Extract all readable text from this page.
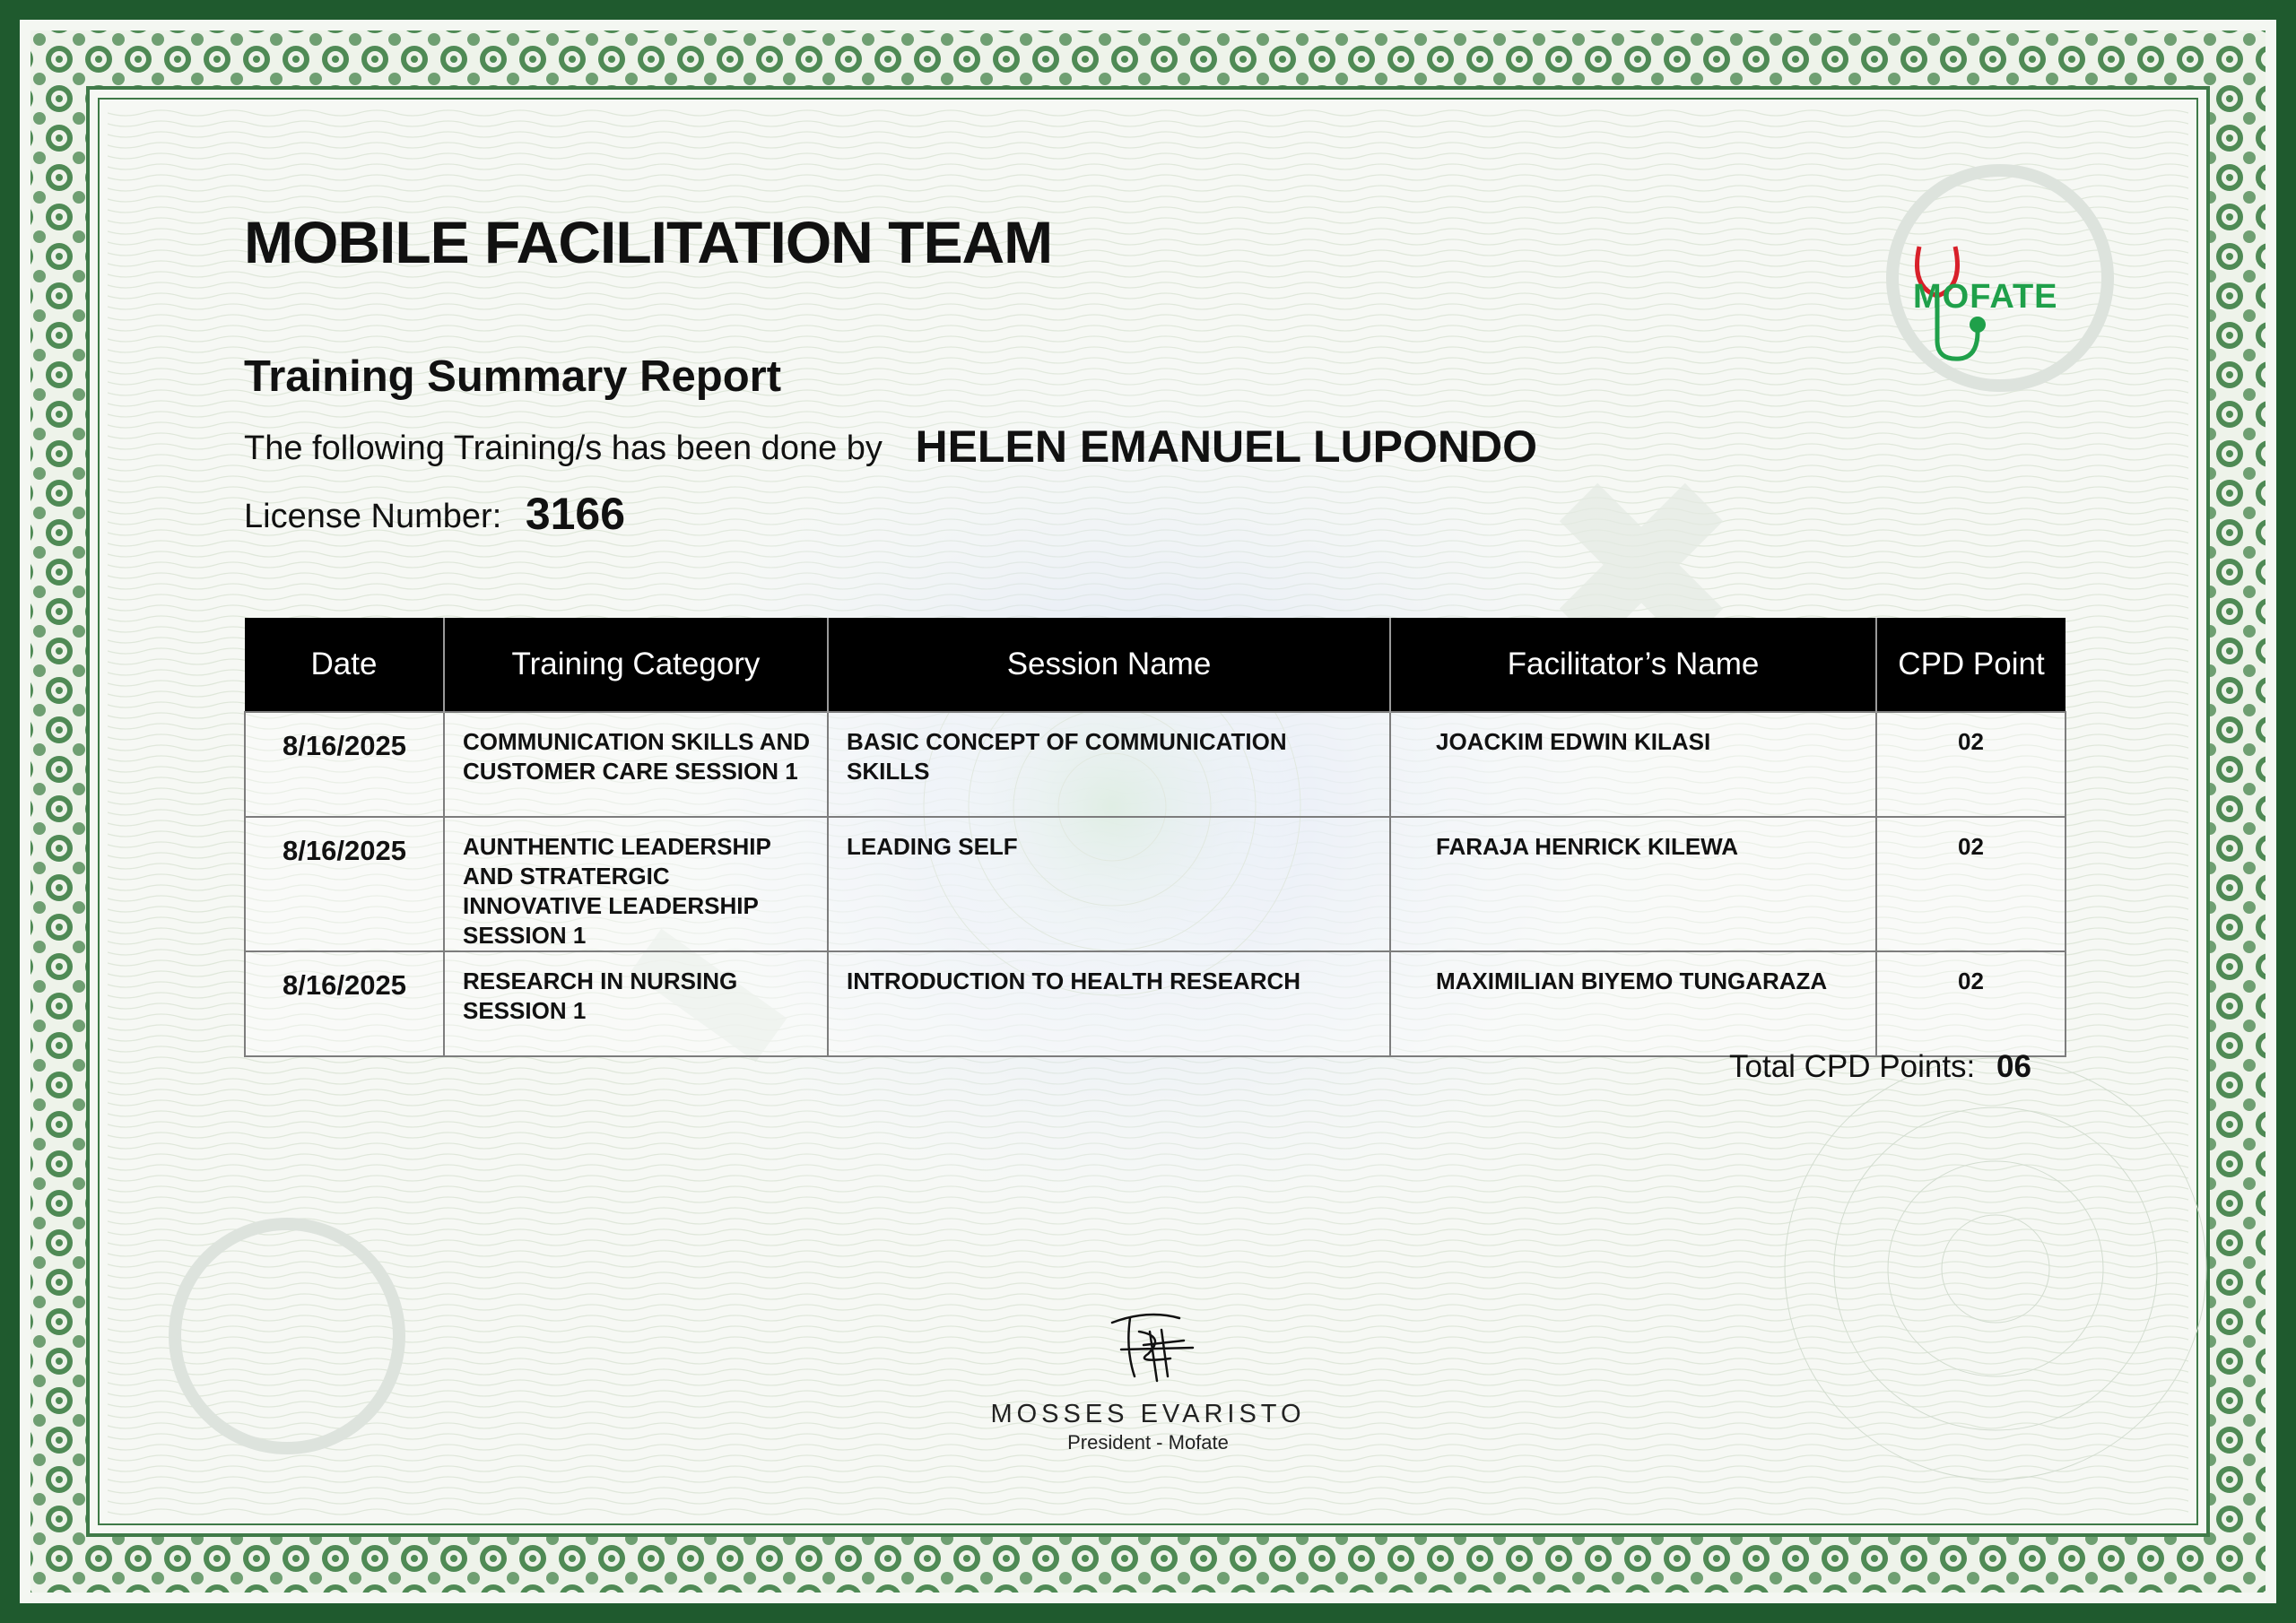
MOBILE FACILITATION TEAM
Training Summary Report
The following Training/s has been done by HELEN EMANUEL LUPONDO
License Number: 3166
MOFATE
Date	Training Category	Session Name	Facilitator’s Name	CPD Point
8/16/2025	COMMUNICATION SKILLS AND CUSTOMER CARE SESSION 1	BASIC CONCEPT OF COMMUNICATION SKILLS	JOACKIM EDWIN KILASI	02
8/16/2025	AUNTHENTIC LEADERSHIP AND STRATERGIC INNOVATIVE LEADERSHIP SESSION 1	LEADING SELF	FARAJA HENRICK KILEWA	02
8/16/2025	RESEARCH IN NURSING SESSION 1	INTRODUCTION TO HEALTH RESEARCH	MAXIMILIAN BIYEMO TUNGARAZA	02
Total CPD Points: 06
MOSSES EVARISTO
President - Mofate
